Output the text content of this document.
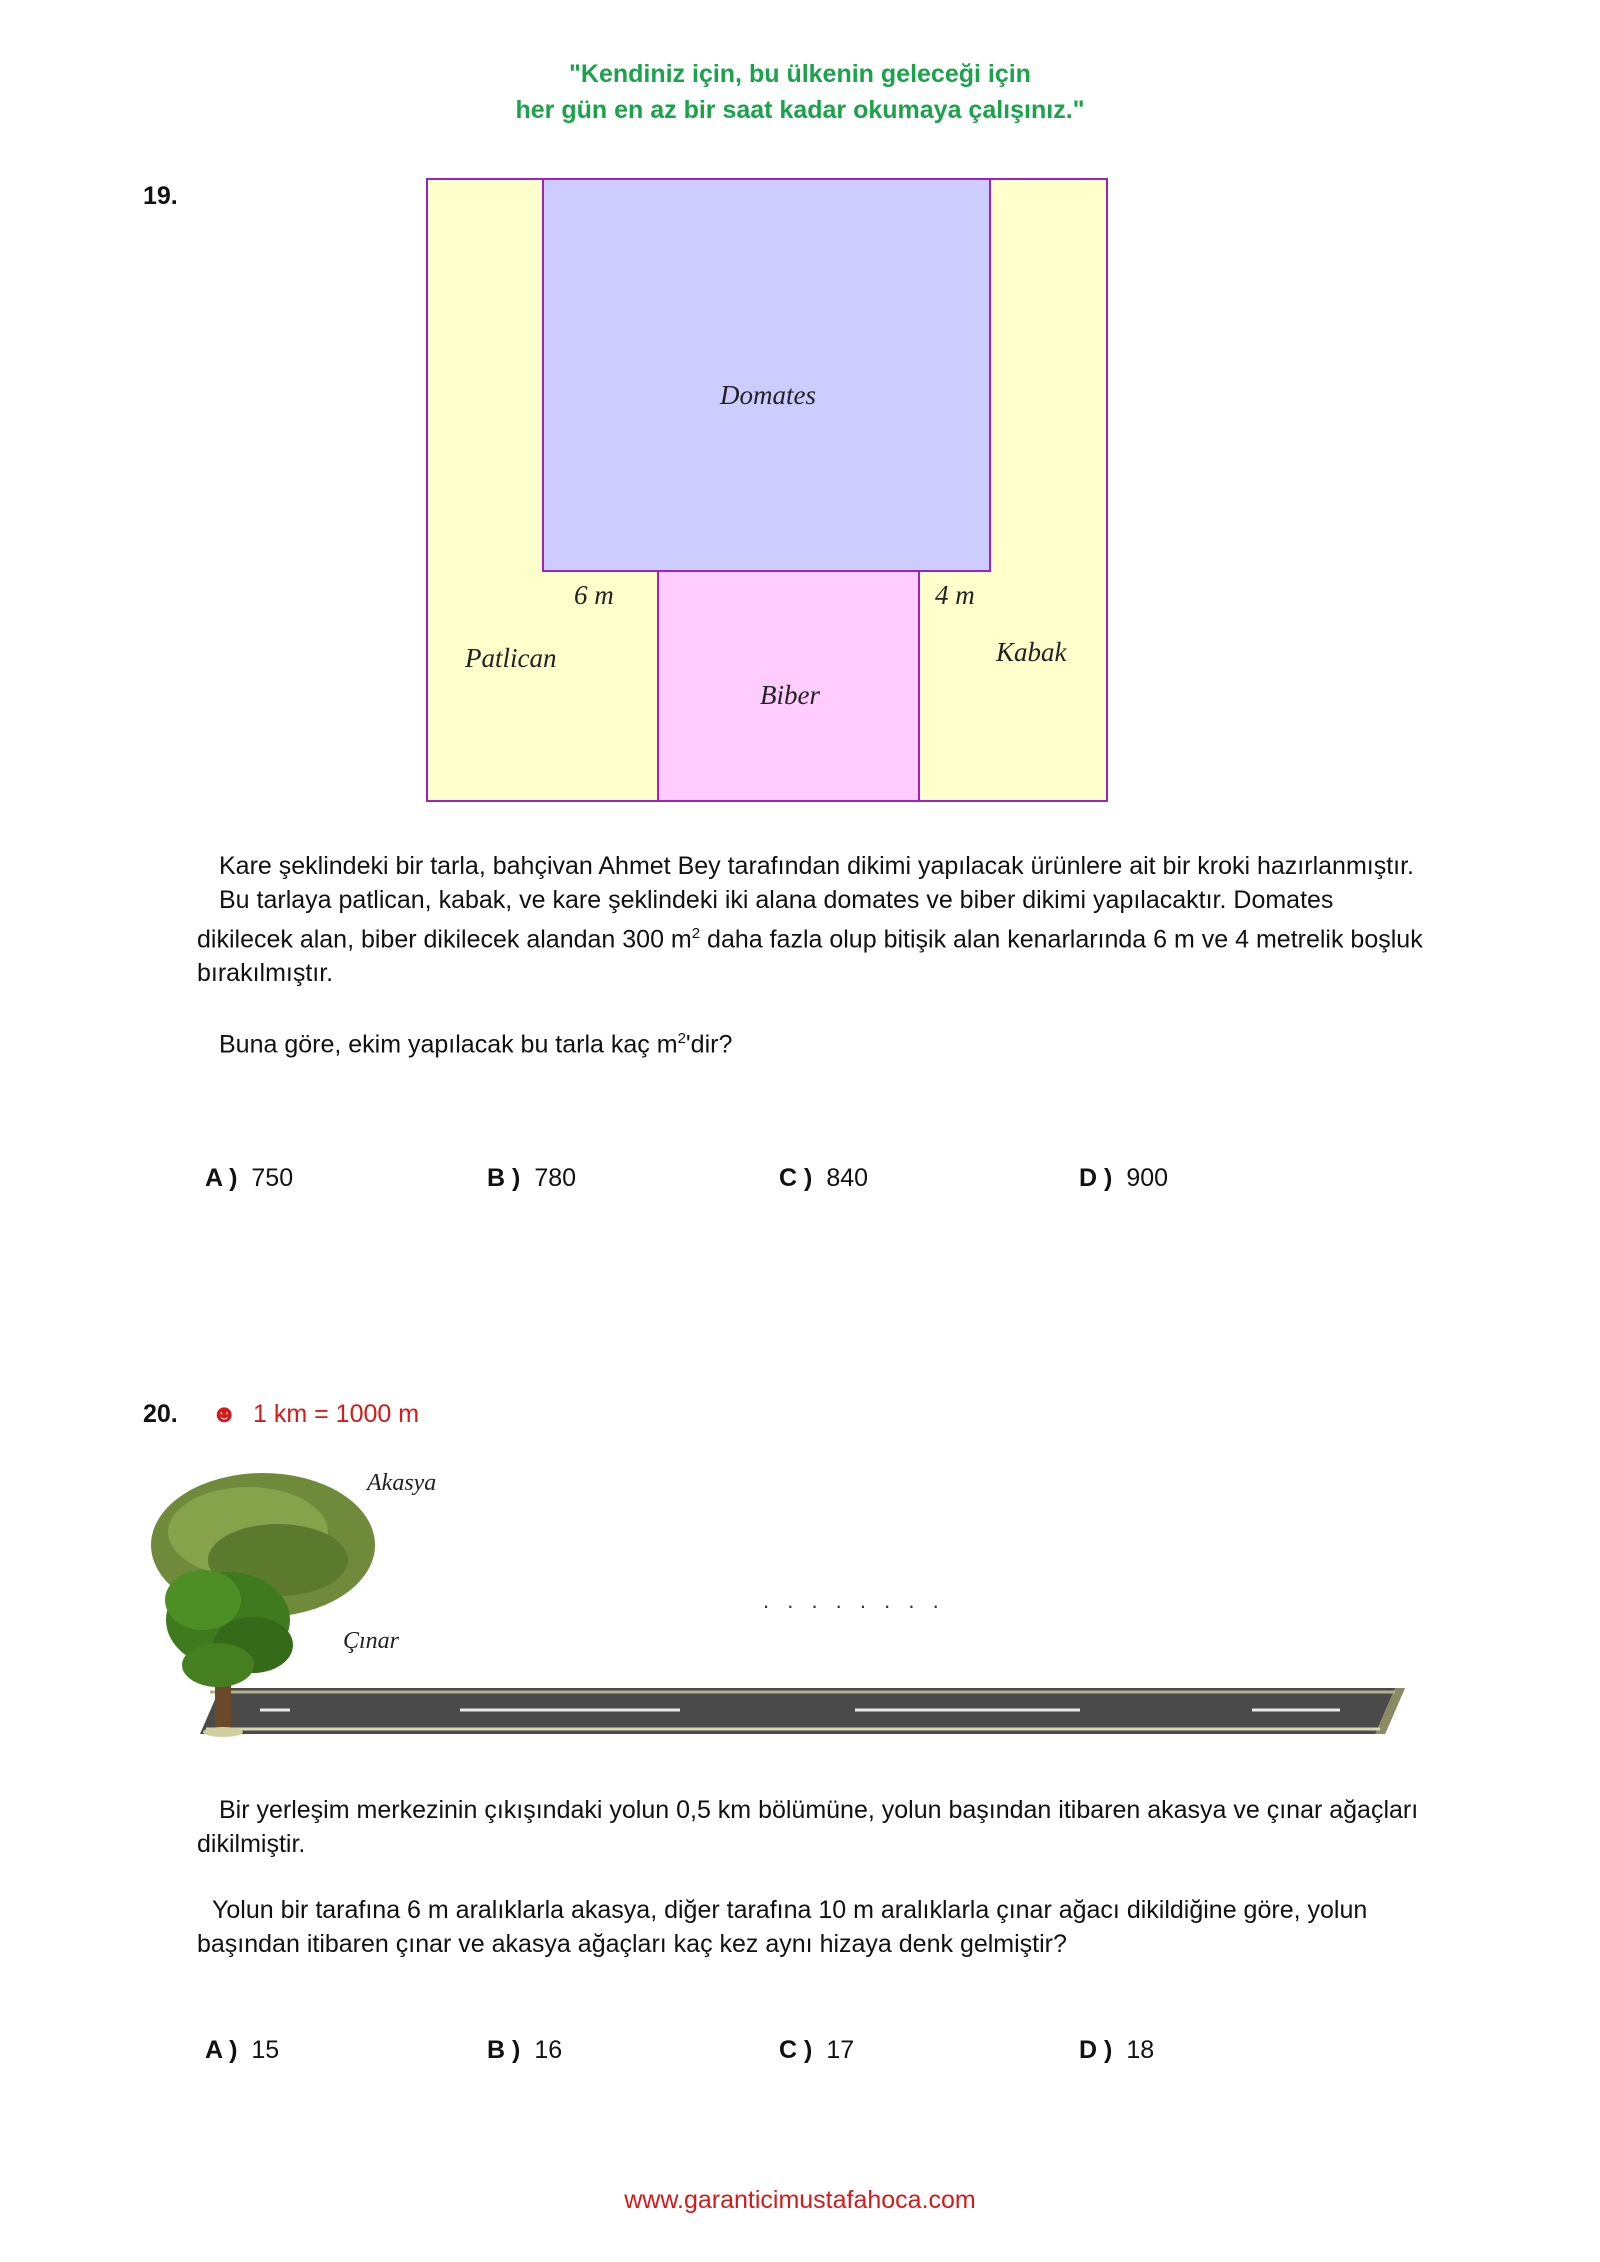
"Kendiniz için, bu ülkenin geleceği için
her gün en az bir saat kadar okumaya çalışınız."
19.
Domates
6 m	4 m
Patlican	Kabak
Biber

Kare şeklindeki bir tarla, bahçivan Ahmet Bey tarafından dikimi yapılacak ürünlere ait bir kroki hazırlanmıştır.

Bu tarlaya patlican, kabak, ve kare şeklindeki iki alana domates ve biber dikimi yapılacaktır. Domates dikilecek alan, biber dikilecek alandan 300 $m^2$ daha fazla olup bitişik alan kenarlarında 6 m ve 4 metrelik boşluk bırakılmıştır.

Buna göre, ekim yapılacak bu tarla kaç $m^2'dir$?

A ) 750	B ) 780	C ) 840	D ) 900
20. ☻ 1 km = 1000 m
Akasya
Çınar
. . . . . . . .

Bir yerleşim merkezinin çıkışındaki yolun 0,5 km bölümüne, yolun başından itibaren akasya ve çınar ağaçları dikilmiştir.

Yolun bir tarafına 6 m aralıklarla akasya, diğer tarafına 10 m aralıklarla çınar ağacı dikildiğine göre, yolun başından itibaren çınar ve akasya ağaçları kaç kez aynı hizaya denk gelmiştir?

A ) 15	B ) 16	C ) 17	D ) 18
www.garanticimustafahoca.com
